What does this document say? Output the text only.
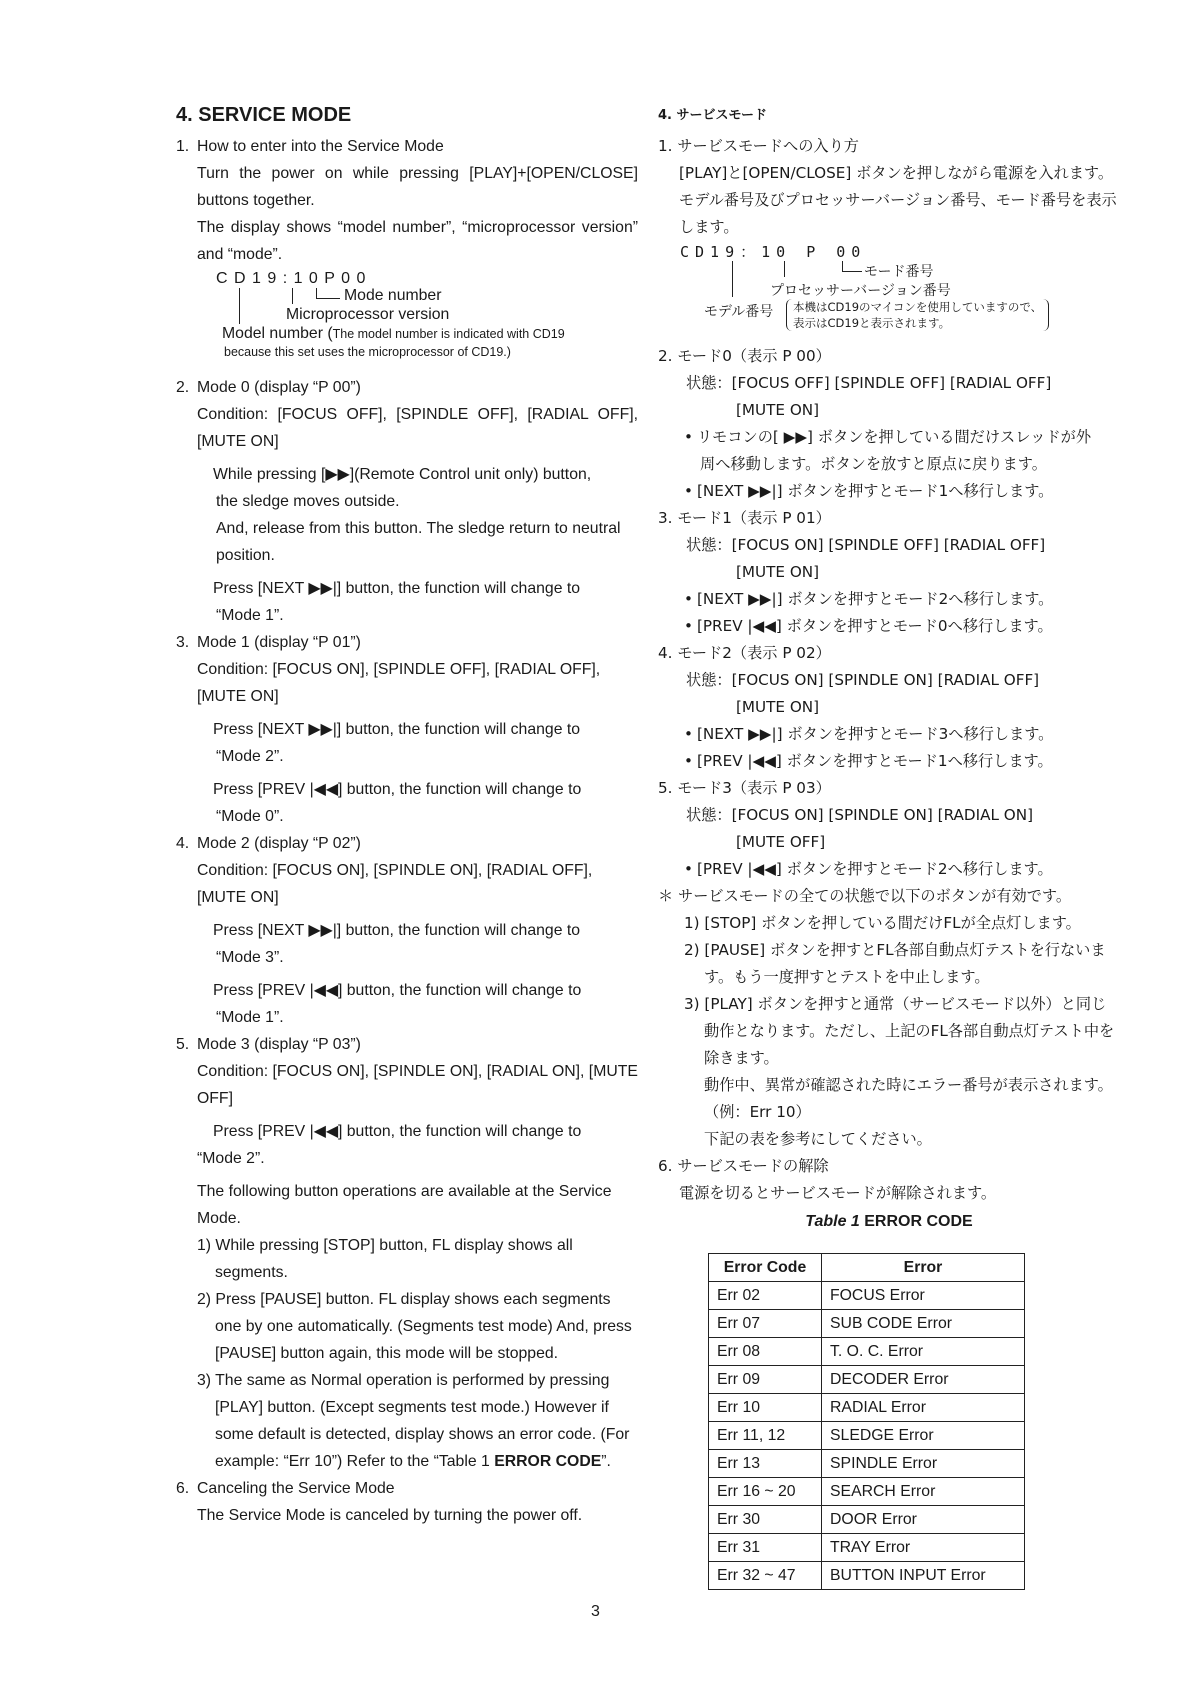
4. SERVICE MODE
1. How to enter into the Service Mode
Turn the power on while pressing [PLAY]+[OPEN/CLOSE] buttons together.
The display shows “model number”, “microprocessor version” and “mode”.
C D 1 9 : 1 0 P 0 0
Mode number
Microprocessor version
Model number (The model number is indicated with CD19
because this set uses the microprocessor of CD19.)
2. Mode 0 (display “P 00”)
Condition: [FOCUS OFF], [SPINDLE OFF], [RADIAL OFF], [MUTE ON]
While pressing [▶▶](Remote Control unit only) button,
the sledge moves outside.
And, release from this button. The sledge return to neutral position.
Press [NEXT ▶▶|] button, the function will change to
“Mode 1”.
3. Mode 1 (display “P 01”)
Condition: [FOCUS ON], [SPINDLE OFF], [RADIAL OFF], [MUTE ON]
Press [NEXT ▶▶|] button, the function will change to
“Mode 2”.
Press [PREV |◀◀] button, the function will change to
“Mode 0”.
4. Mode 2 (display “P 02”)
Condition: [FOCUS ON], [SPINDLE ON], [RADIAL OFF], [MUTE ON]
Press [NEXT ▶▶|] button, the function will change to
“Mode 3”.
Press [PREV |◀◀] button, the function will change to
“Mode 1”.
5. Mode 3 (display “P 03”)
Condition: [FOCUS ON], [SPINDLE ON], [RADIAL ON], [MUTE OFF]
Press [PREV |◀◀] button, the function will change to
“Mode 2”.
The following button operations are available at the Service Mode.
1) While pressing [STOP] button, FL display shows all segments.
2) Press [PAUSE] button. FL display shows each segments one by one automatically. (Segments test mode) And, press [PAUSE] button again, this mode will be stopped.
3) The same as Normal operation is performed by pressing [PLAY] button. (Except segments test mode.) However if some default is detected, display shows an error code. (For example: “Err 10”) Refer to the “Table 1 ERROR CODE”.
6. Canceling the Service Mode
The Service Mode is canceled by turning the power off.
4. サービスモード
1. サービスモードへの入り方
[PLAY]と[OPEN/CLOSE] ボタンを押しながら電源を入れます。モデル番号及びプロセッサーバージョン番号、モード番号を表示します。
CD19：10 P 00
モード番号
プロセッサーバージョン番号
モデル番号 本機はCD19のマイコンを使用していますので、
表示はCD19と表示されます。
2. モード0（表示 P 00）
状態：[FOCUS OFF] [SPINDLE OFF] [RADIAL OFF]
[MUTE ON]
• リモコンの[ ▶▶] ボタンを押している間だけスレッドが外
周へ移動します。ボタンを放すと原点に戻ります。
• [NEXT ▶▶|] ボタンを押すとモード1へ移行します。
3. モード1（表示 P 01）
状態：[FOCUS ON] [SPINDLE OFF] [RADIAL OFF]
[MUTE ON]
• [NEXT ▶▶|] ボタンを押すとモード2へ移行します。
• [PREV |◀◀] ボタンを押すとモード0へ移行します。
4. モード2（表示 P 02）
状態：[FOCUS ON] [SPINDLE ON] [RADIAL OFF]
[MUTE ON]
• [NEXT ▶▶|] ボタンを押すとモード3へ移行します。
• [PREV |◀◀] ボタンを押すとモード1へ移行します。
5. モード3（表示 P 03）
状態：[FOCUS ON] [SPINDLE ON] [RADIAL ON]
[MUTE OFF]
• [PREV |◀◀] ボタンを押すとモード2へ移行します。
＊ サービスモードの全ての状態で以下のボタンが有効です。
1) [STOP] ボタンを押している間だけFLが全点灯します。
2) [PAUSE] ボタンを押すとFL各部自動点灯テストを行ないます。もう一度押すとテストを中止します。
3) [PLAY] ボタンを押すと通常（サービスモード以外）と同じ動作となります。ただし、上記のFL各部自動点灯テスト中を除きます。
動作中、異常が確認された時にエラー番号が表示されます。（例：Err 10）
下記の表を参考にしてください。
6. サービスモードの解除
電源を切るとサービスモードが解除されます。
Table 1 ERROR CODE
Error Code	Error
Err 02	FOCUS Error
Err 07	SUB CODE Error
Err 08	T. O. C. Error
Err 09	DECODER Error
Err 10	RADIAL Error
Err 11, 12	SLEDGE Error
Err 13	SPINDLE Error
Err 16 ~ 20	SEARCH Error
Err 30	DOOR Error
Err 31	TRAY Error
Err 32 ~ 47	BUTTON INPUT Error
3
